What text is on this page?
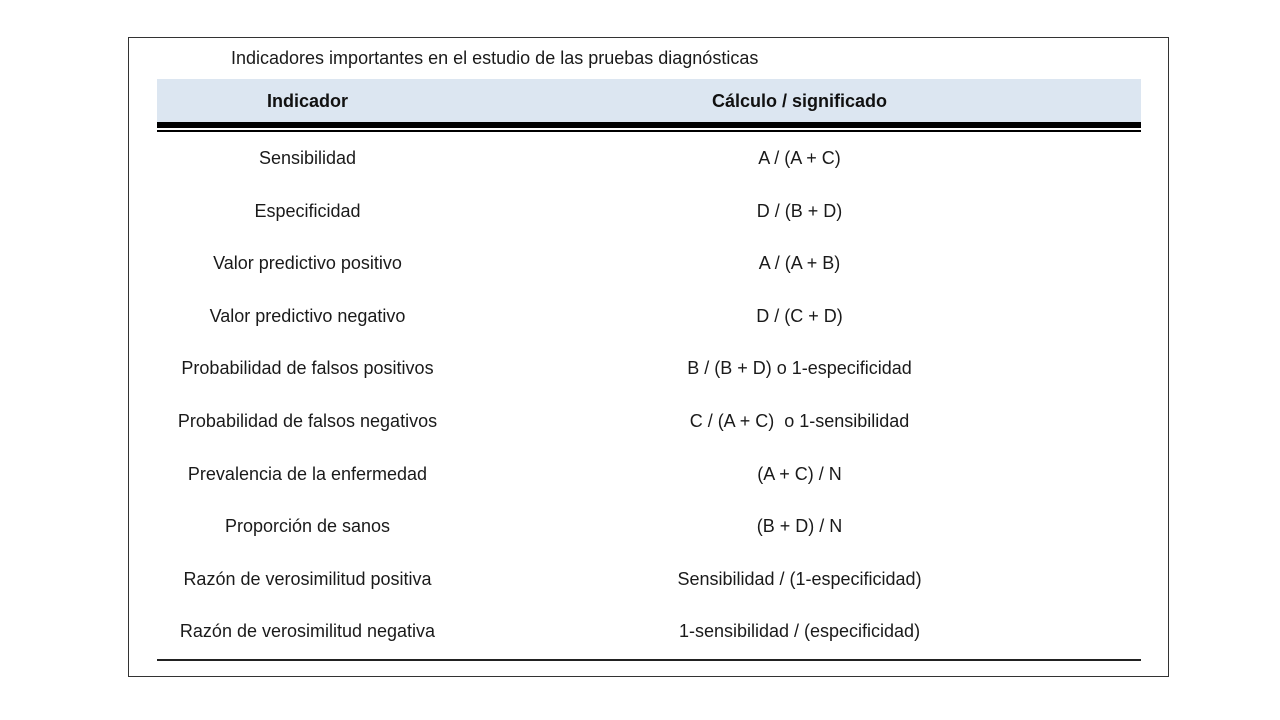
Indicadores importantes en el estudio de las pruebas diagnósticas
Indicador	Cálculo / significado
Sensibilidad	A / (A + C)
Especificidad	D / (B + D)
Valor predictivo positivo	A / (A + B)
Valor predictivo negativo	D / (C + D)
Probabilidad de falsos positivos	B / (B + D) o 1-especificidad
Probabilidad de falsos negativos	C / (A + C)  o 1-sensibilidad
Prevalencia de la enfermedad	(A + C) / N
Proporción de sanos	(B + D) / N
Razón de verosimilitud positiva	Sensibilidad / (1-especificidad)
Razón de verosimilitud negativa	1-sensibilidad / (especificidad)
